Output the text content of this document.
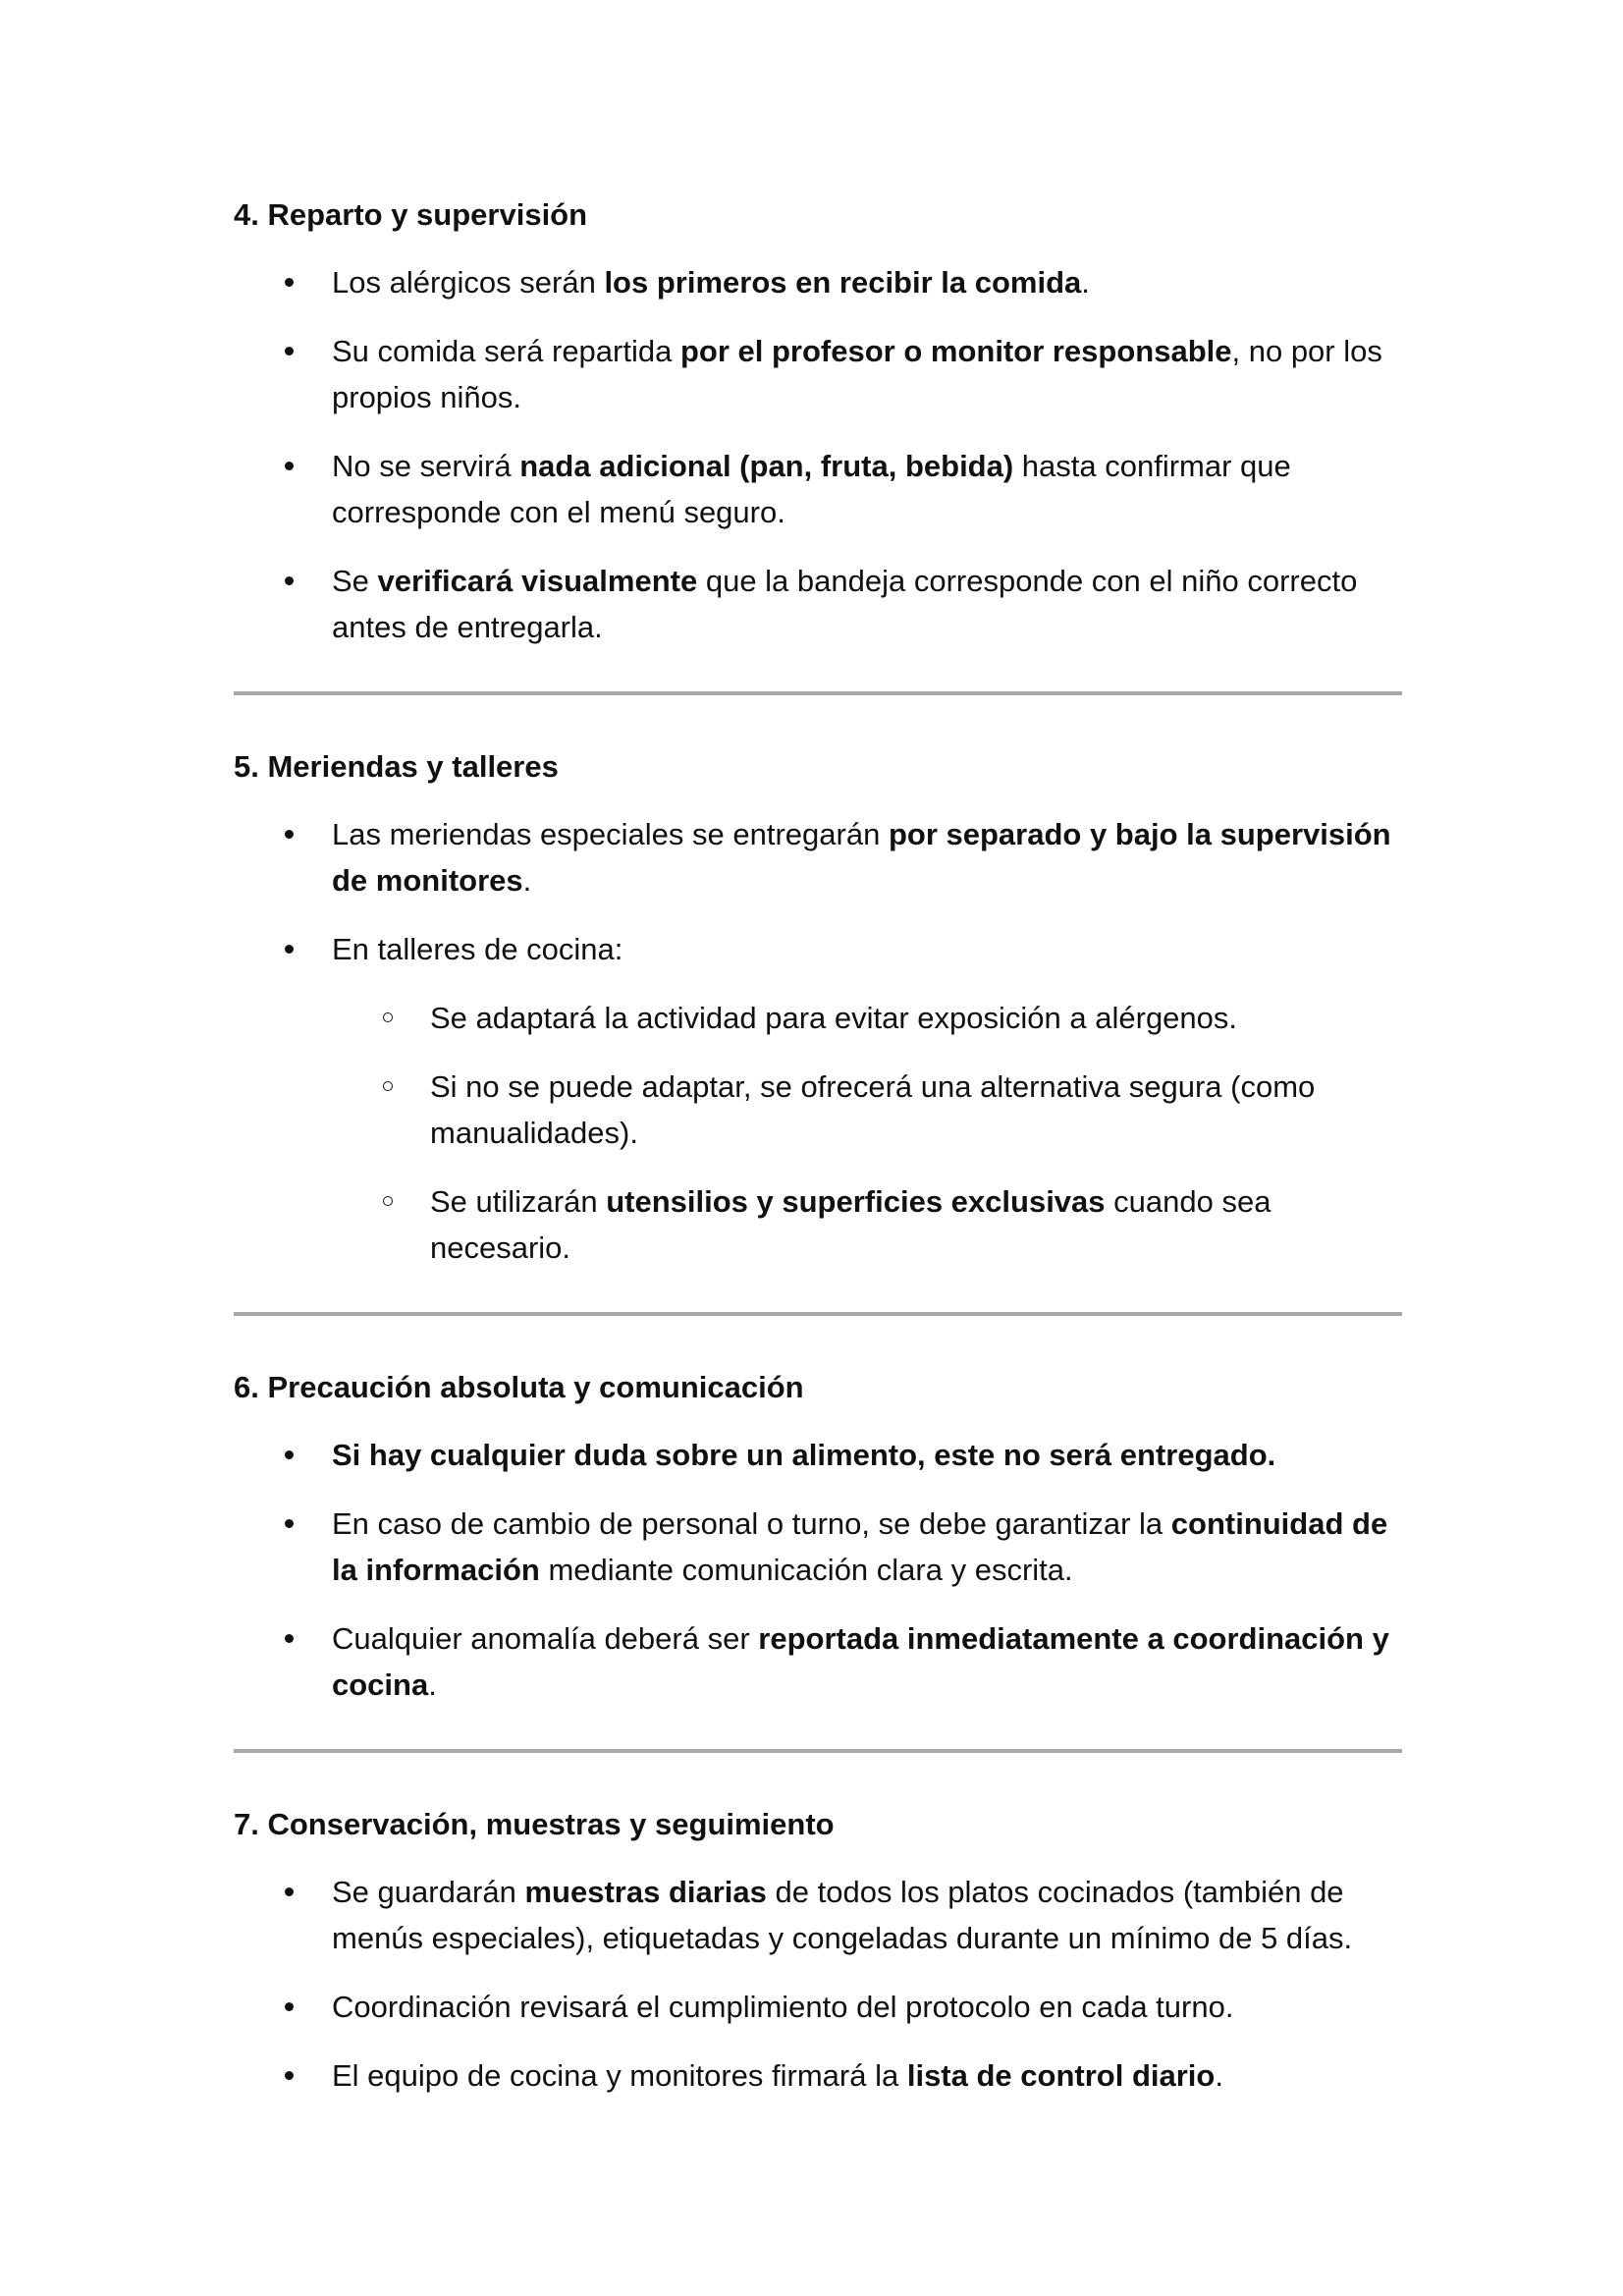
4. Reparto y supervisión
Los alérgicos serán los primeros en recibir la comida.
Su comida será repartida por el profesor o monitor responsable, no por los propios niños.
No se servirá nada adicional (pan, fruta, bebida) hasta confirmar que corresponde con el menú seguro.
Se verificará visualmente que la bandeja corresponde con el niño correcto antes de entregarla.
5. Meriendas y talleres
Las meriendas especiales se entregarán por separado y bajo la supervisión de monitores.
En talleres de cocina:
Se adaptará la actividad para evitar exposición a alérgenos.
Si no se puede adaptar, se ofrecerá una alternativa segura (como manualidades).
Se utilizarán utensilios y superficies exclusivas cuando sea necesario.
6. Precaución absoluta y comunicación
Si hay cualquier duda sobre un alimento, este no será entregado.
En caso de cambio de personal o turno, se debe garantizar la continuidad de la información mediante comunicación clara y escrita.
Cualquier anomalía deberá ser reportada inmediatamente a coordinación y cocina.
7. Conservación, muestras y seguimiento
Se guardarán muestras diarias de todos los platos cocinados (también de menús especiales), etiquetadas y congeladas durante un mínimo de 5 días.
Coordinación revisará el cumplimiento del protocolo en cada turno.
El equipo de cocina y monitores firmará la lista de control diario.
